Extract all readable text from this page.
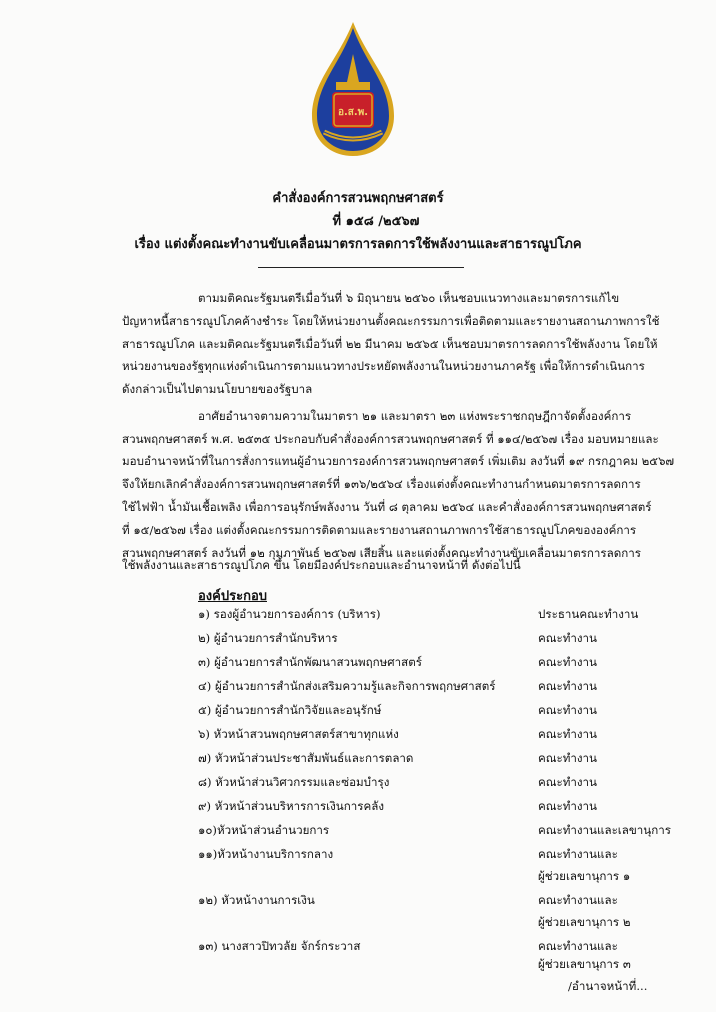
อ.ส.พ.
คำสั่งองค์การสวนพฤกษศาสตร์
ที่ ๑๕๘ /๒๕๖๗
เรื่อง แต่งตั้งคณะทำงานขับเคลื่อนมาตรการลดการใช้พลังงานและสาธารณูปโภค
ตามมติคณะรัฐมนตรีเมื่อวันที่ ๖ มิถุนายน ๒๕๖๐ เห็นชอบแนวทางและมาตรการแก้ไข
ปัญหาหนี้สาธารณูปโภคค้างชำระ โดยให้หน่วยงานตั้งคณะกรรมการเพื่อติดตามและรายงานสถานภาพการใช้
สาธารณูปโภค และมติคณะรัฐมนตรีเมื่อวันที่ ๒๒ มีนาคม ๒๕๖๕ เห็นชอบมาตรการลดการใช้พลังงาน โดยให้
หน่วยงานของรัฐทุกแห่งดำเนินการตามแนวทางประหยัดพลังงานในหน่วยงานภาครัฐ เพื่อให้การดำเนินการ
ดังกล่าวเป็นไปตามนโยบายของรัฐบาล
อาศัยอำนาจตามความในมาตรา ๒๑ และมาตรา ๒๓ แห่งพระราชกฤษฎีกาจัดตั้งองค์การ
สวนพฤกษศาสตร์ พ.ศ. ๒๕๓๕ ประกอบกับคำสั่งองค์การสวนพฤกษศาสตร์ ที่ ๑๑๔/๒๕๖๗ เรื่อง มอบหมายและ
มอบอำนาจหน้าที่ในการสั่งการแทนผู้อำนวยการองค์การสวนพฤกษศาสตร์ เพิ่มเติม ลงวันที่ ๑๙ กรกฎาคม ๒๕๖๗
จึงให้ยกเลิกคำสั่งองค์การสวนพฤกษศาสตร์ที่ ๑๓๖/๒๕๖๔ เรื่องแต่งตั้งคณะทำงานกำหนดมาตรการลดการ
ใช้ไฟฟ้า น้ำมันเชื้อเพลิง เพื่อการอนุรักษ์พลังงาน วันที่ ๘ ตุลาคม ๒๕๖๔ และคำสั่งองค์การสวนพฤกษศาสตร์
ที่ ๑๕/๒๕๖๗ เรื่อง แต่งตั้งคณะกรรมการติดตามและรายงานสถานภาพการใช้สาธารณูปโภคขององค์การ
สวนพฤกษศาสตร์ ลงวันที่ ๑๒ กุมภาพันธ์ ๒๕๖๗ เสียสิ้น และแต่งตั้งคณะทำงานขับเคลื่อนมาตรการลดการ
องค์ประกอบ
๑) รองผู้อำนวยการองค์การ (บริหาร)	ประธานคณะทำงาน
๒) ผู้อำนวยการสำนักบริหาร	คณะทำงาน
๓) ผู้อำนวยการสำนักพัฒนาสวนพฤกษศาสตร์	คณะทำงาน
๔) ผู้อำนวยการสำนักส่งเสริมความรู้และกิจการพฤกษศาสตร์	คณะทำงาน
๕) ผู้อำนวยการสำนักวิจัยและอนุรักษ์	คณะทำงาน
๖) หัวหน้าสวนพฤกษศาสตร์สาขาทุกแห่ง	คณะทำงาน
๗) หัวหน้าส่วนประชาสัมพันธ์และการตลาด	คณะทำงาน
๘) หัวหน้าส่วนวิศวกรรมและซ่อมบำรุง	คณะทำงาน
๙) หัวหน้าส่วนบริหารการเงินการคลัง	คณะทำงาน
๑๐)หัวหน้าส่วนอำนวยการ	คณะทำงานและเลขานุการ
๑๑)หัวหน้างานบริการกลาง	คณะทำงานและ
ผู้ช่วยเลขานุการ ๑
๑๒) หัวหน้างานการเงิน	คณะทำงานและ
ผู้ช่วยเลขานุการ ๒
๑๓) นางสาวปิทวลัย จักร์กระวาส	คณะทำงานและ
ผู้ช่วยเลขานุการ ๓
/อำนาจหน้าที่...
ใช้พลังงานและสาธารณูปโภค ขึ้น โดยมีองค์ประกอบและอำนาจหน้าที่ ดังต่อไปนี้
